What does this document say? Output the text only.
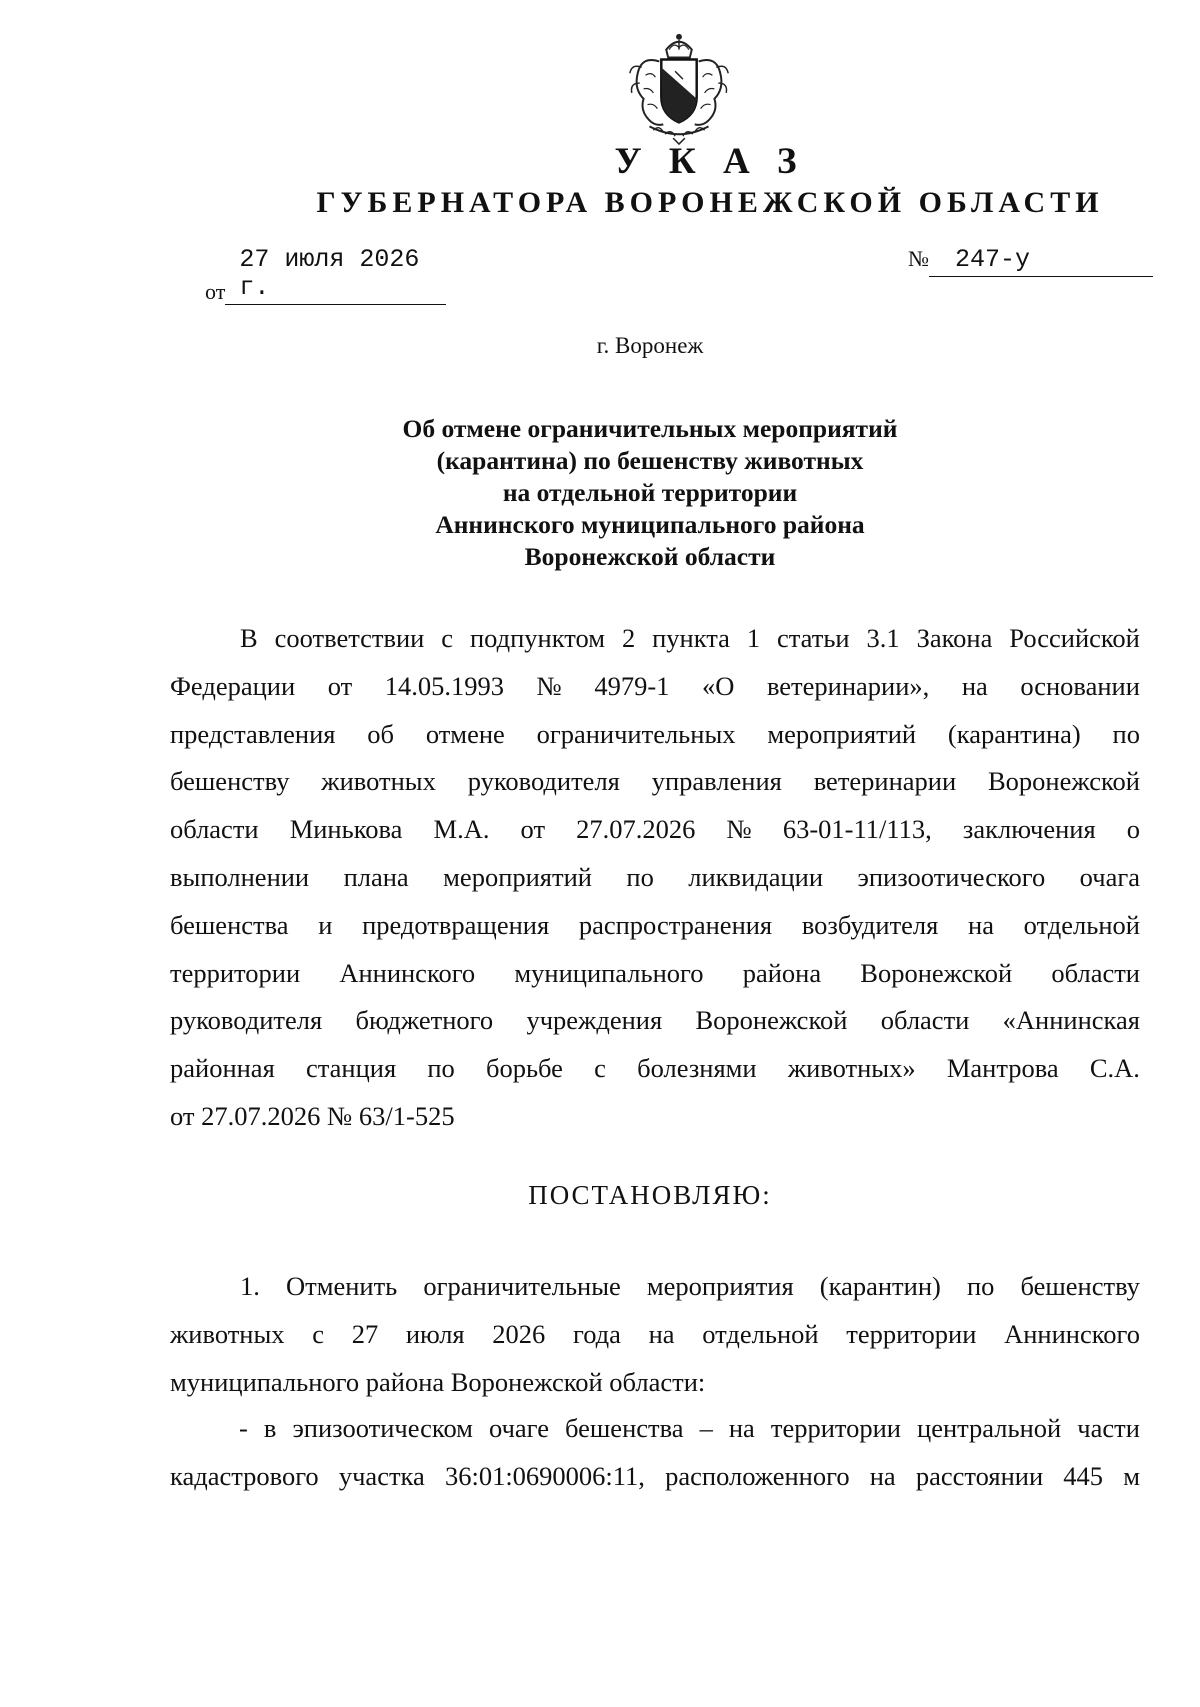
У К А З
ГУБЕРНАТОРА ВОРОНЕЖСКОЙ ОБЛАСТИ
от27 июля 2026 г.
№ 247-у
г. Воронеж
Об отмене ограничительных мероприятий
(карантина) по бешенству животных
на отдельной территории
Аннинского муниципального района
Воронежской области
В соответствии с подпунктом 2 пункта 1 статьи 3.1 Закона Российской
Федерации от 14.05.1993 № 4979-1 «О ветеринарии», на основании
представления об отмене ограничительных мероприятий (карантина) по
бешенству животных руководителя управления ветеринарии Воронежской
области Минькова М.А. от 27.07.2026 № 63-01-11/113, заключения о
выполнении плана мероприятий по ликвидации эпизоотического очага
бешенства и предотвращения распространения возбудителя на отдельной
территории Аннинского муниципального района Воронежской области
руководителя бюджетного учреждения Воронежской области «Аннинская
районная станция по борьбе с болезнями животных» Мантрова С.А.
от 27.07.2026 № 63/1-525
ПОСТАНОВЛЯЮ:
1. Отменить ограничительные мероприятия (карантин) по бешенству
животных с 27 июля 2026 года на отдельной территории Аннинского
муниципального района Воронежской области:
- в эпизоотическом очаге бешенства – на территории центральной части
кадастрового участка 36:01:0690006:11, расположенного на расстоянии 445 м
